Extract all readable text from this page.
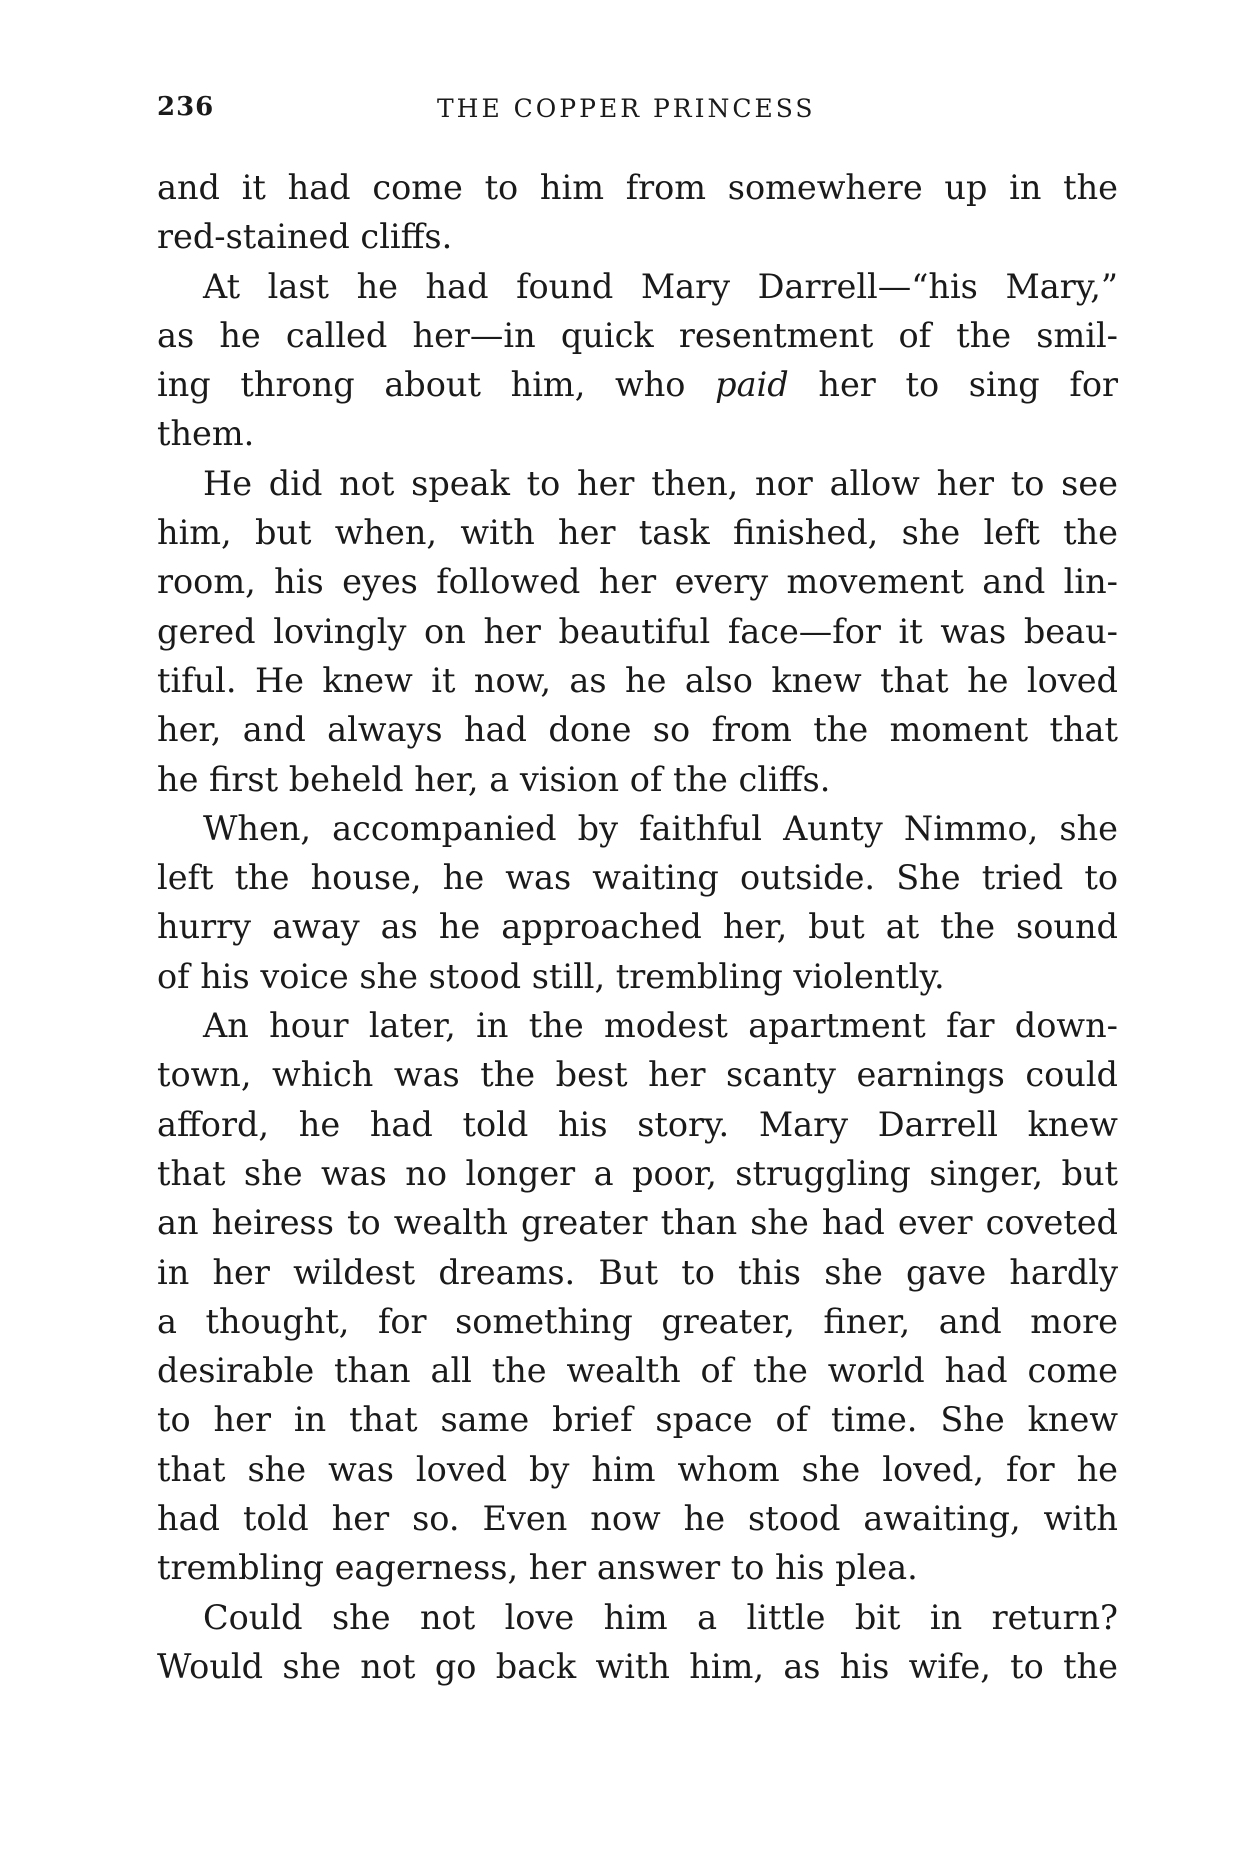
236	THE COPPER PRINCESS
and it had come to him from somewhere up in the
red-stained cliffs.
At last he had found Mary Darrell—“his Mary,”
as he called her—in quick resentment of the smil-
ing throng about him, who paid her to sing for
them.
He did not speak to her then, nor allow her to see
him, but when, with her task finished, she left the
room, his eyes followed her every movement and lin-
gered lovingly on her beautiful face—for it was beau-
tiful. He knew it now, as he also knew that he loved
her, and always had done so from the moment that
he first beheld her, a vision of the cliffs.
When, accompanied by faithful Aunty Nimmo, she
left the house, he was waiting outside. She tried to
hurry away as he approached her, but at the sound
of his voice she stood still, trembling violently.
An hour later, in the modest apartment far down-
town, which was the best her scanty earnings could
afford, he had told his story. Mary Darrell knew
that she was no longer a poor, struggling singer, but
an heiress to wealth greater than she had ever coveted
in her wildest dreams. But to this she gave hardly
a thought, for something greater, finer, and more
desirable than all the wealth of the world had come
to her in that same brief space of time. She knew
that she was loved by him whom she loved, for he
had told her so. Even now he stood awaiting, with
trembling eagerness, her answer to his plea.
Could she not love him a little bit in return?
Would she not go back with him, as his wife, to the
